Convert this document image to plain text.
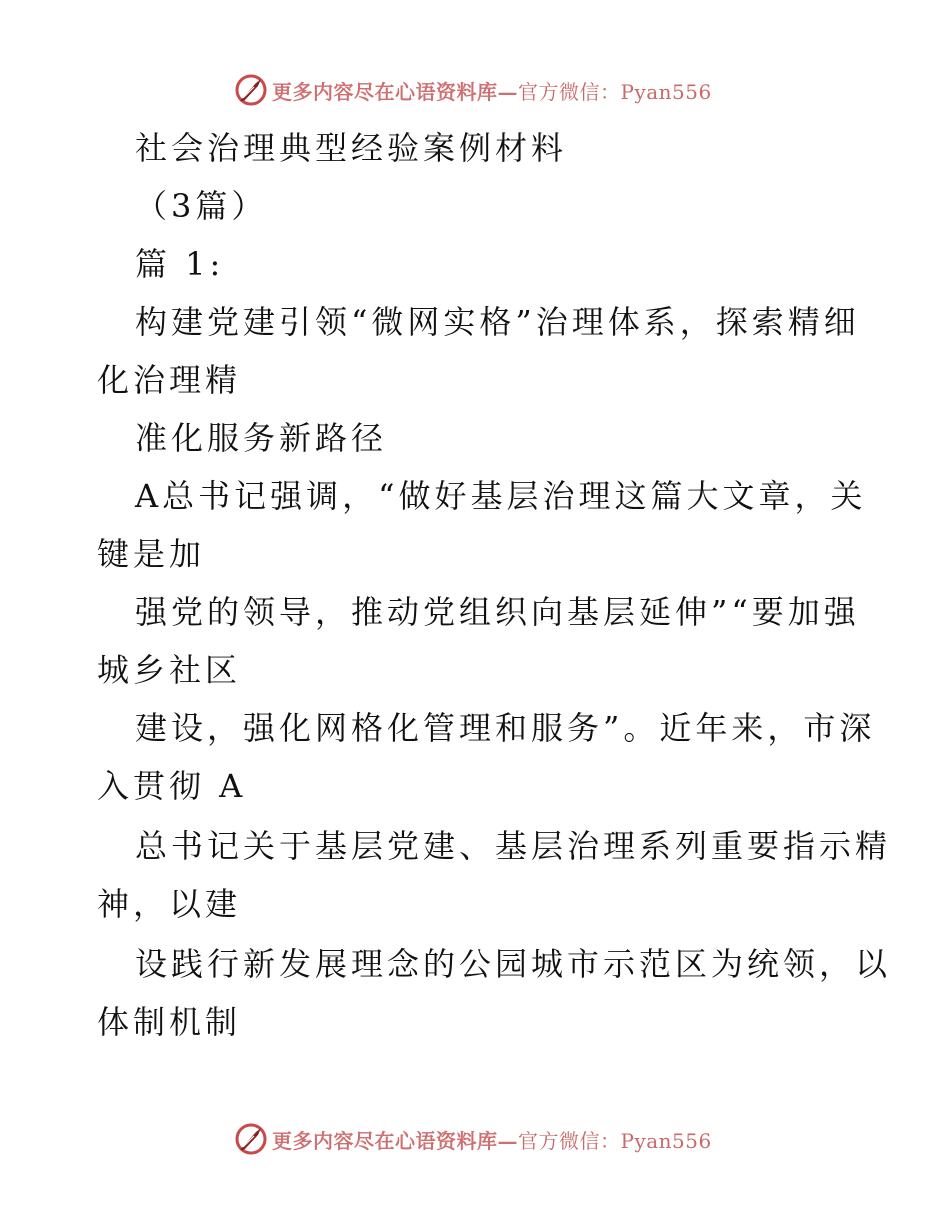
更多内容尽在心语资料库—官方微信：Pyan556
社会治理典型经验案例材料
（3篇）
篇 1:
构建党建引领“微网实格”治理体系，探索精细
化治理精
准化服务新路径
A总书记强调，“做好基层治理这篇大文章，关
键是加
强党的领导，推动党组织向基层延伸”“要加强
城乡社区
建设，强化网格化管理和服务”。近年来，市深
入贯彻 A
总书记关于基层党建、基层治理系列重要指示精
神，以建
设践行新发展理念的公园城市示范区为统领，以
体制机制
更多内容尽在心语资料库—官方微信：Pyan556
